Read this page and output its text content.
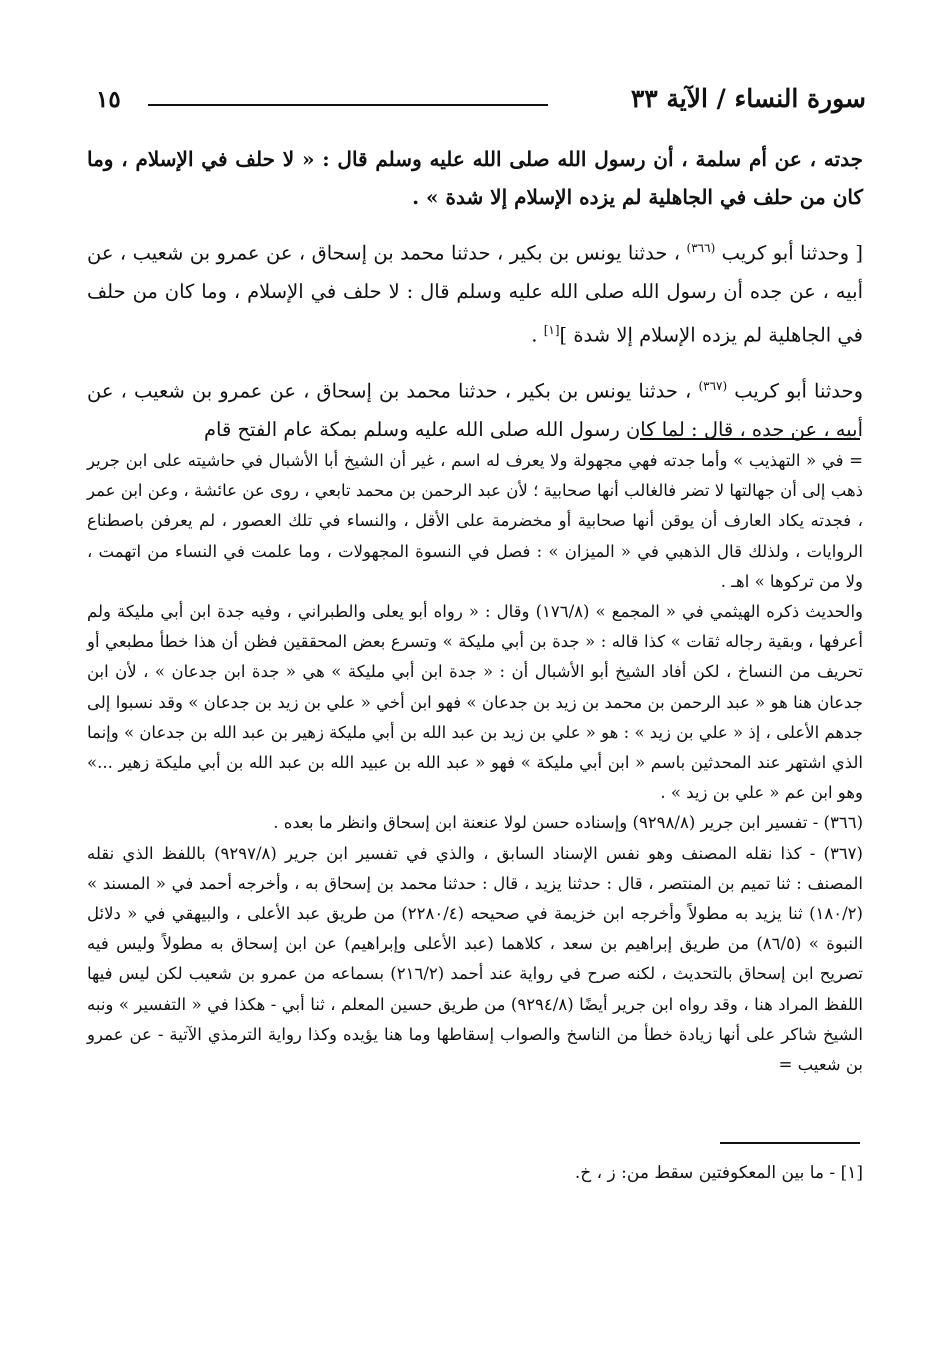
سورة النساء / الآية ٣٣
١٥

جدته ، عن أم سلمة ، أن رسول الله صلى الله عليه وسلم قال : « لا حلف في الإسلام ، وما كان من حلف في الجاهلية لم يزده الإسلام إلا شدة » .

[ وحدثنا أبو كريب $^{(٣٦٦)}$ ، حدثنا يونس بن بكير ، حدثنا محمد بن إسحاق ، عن عمرو بن شعيب ، عن أبيه ، عن جده أن رسول الله صلى الله عليه وسلم قال : لا حلف في الإسلام ، وما كان من حلف في الجاهلية لم يزده الإسلام إلا شدة ][١] .

وحدثنا أبو كريب $^{(٣٦٧)}$ ، حدثنا يونس بن بكير ، حدثنا محمد بن إسحاق ، عن عمرو بن شعيب ، عن أبيه ، عن جده ، قال : لما كان رسول الله صلى الله عليه وسلم بمكة عام الفتح قام

= في « التهذيب » وأما جدته فهي مجهولة ولا يعرف له اسم ، غير أن الشيخ أبا الأشبال في حاشيته على ابن جرير ذهب إلى أن جهالتها لا تضر فالغالب أنها صحابية ؛ لأن عبد الرحمن بن محمد تابعي ، روى عن عائشة ، وعن ابن عمر ، فجدته يكاد العارف أن يوقن أنها صحابية أو مخضرمة على الأقل ، والنساء في تلك العصور ، لم يعرفن باصطناع الروايات ، ولذلك قال الذهبي في « الميزان » : فصل في النسوة المجهولات ، وما علمت في النساء من اتهمت ، ولا من تركوها » اهـ .

والحديث ذكره الهيثمي في « المجمع » (١٧٦/٨) وقال : « رواه أبو يعلى والطبراني ، وفيه جدة ابن أبي مليكة ولم أعرفها ، وبقية رجاله ثقات » كذا قاله : « جدة بن أبي مليكة » وتسرع بعض المحققين فظن أن هذا خطأ مطبعي أو تحريف من النساخ ، لكن أفاد الشيخ أبو الأشبال أن : « جدة ابن أبي مليكة » هي « جدة ابن جدعان » ، لأن ابن جدعان هنا هو « عبد الرحمن بن محمد بن زيد بن جدعان » فهو ابن أخي « علي بن زيد بن جدعان » وقد نسبوا إلى جدهم الأعلى ، إذ « علي بن زيد » : هو « علي بن زيد بن عبد الله بن أبي مليكة زهير بن عبد الله بن جدعان » وإنما الذي اشتهر عند المحدثين باسم « ابن أبي مليكة » فهو « عبد الله بن عبيد الله بن عبد الله بن أبي مليكة زهير ...» وهو ابن عم « علي بن زيد » .

(٣٦٦) - تفسير ابن جرير (٩٢٩٨/٨) وإسناده حسن لولا عنعنة ابن إسحاق وانظر ما بعده .

(٣٦٧) - كذا نقله المصنف وهو نفس الإسناد السابق ، والذي في تفسير ابن جرير (٩٢٩٧/٨) باللفظ الذي نقله المصنف : ثنا تميم بن المنتصر ، قال : حدثنا يزيد ، قال : حدثنا محمد بن إسحاق به ، وأخرجه أحمد في « المسند » (١٨٠/٢) ثنا يزيد به مطولاً وأخرجه ابن خزيمة في صحيحه (٢٢٨٠/٤) من طريق عبد الأعلى ، والبيهقي في « دلائل النبوة » (٨٦/٥) من طريق إبراهيم بن سعد ، كلاهما (عبد الأعلى وإبراهيم) عن ابن إسحاق به مطولاً وليس فيه تصريح ابن إسحاق بالتحديث ، لكنه صرح في رواية عند أحمد (٢١٦/٢) بسماعه من عمرو بن شعيب لكن ليس فيها اللفظ المراد هنا ، وقد رواه ابن جرير أيضًا (٩٢٩٤/٨) من طريق حسين المعلم ، ثنا أبي - هكذا في « التفسير » ونبه الشيخ شاكر على أنها زيادة خطأ من الناسخ والصواب إسقاطها وما هنا يؤيده وكذا رواية الترمذي الآتية - عن عمرو بن شعيب =

[١] - ما بين المعكوفتين سقط من: ز ، خ.
